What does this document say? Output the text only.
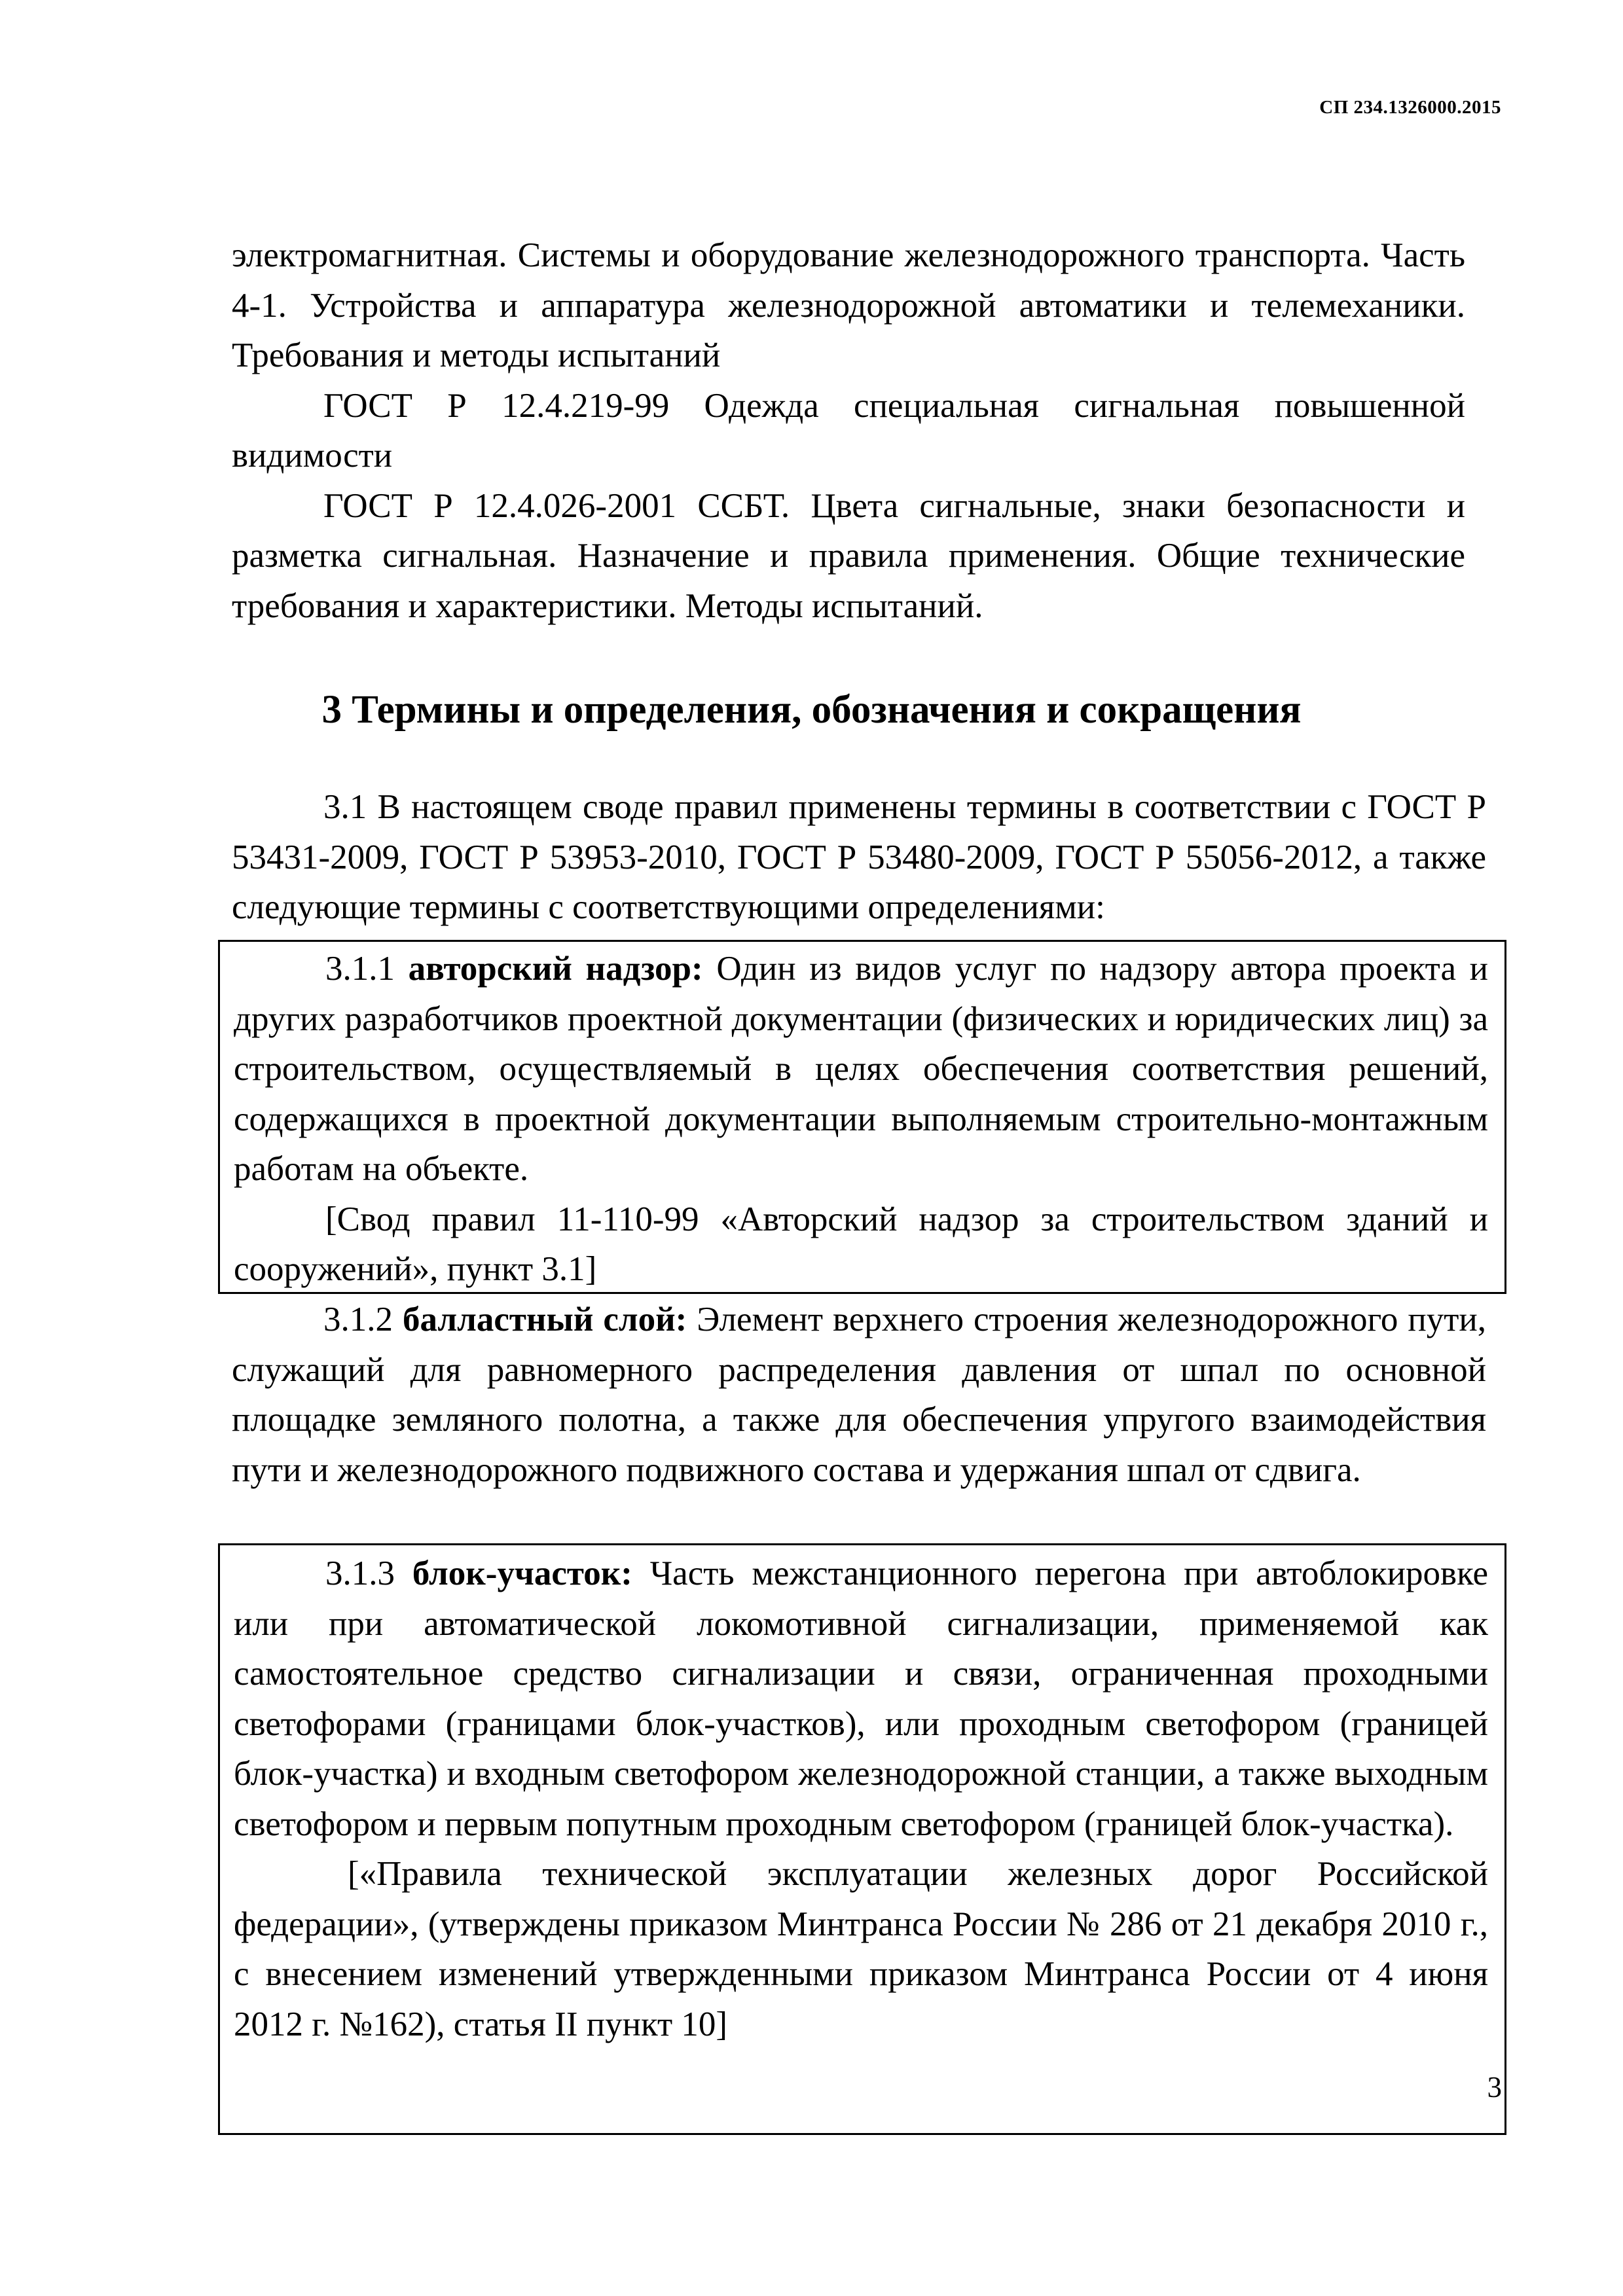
СП 234.1326000.2015

электромагнитная. Системы и оборудование железнодорожного транспорта. Часть 4-1. Устройства и аппаратура железнодорожной автоматики и телемеханики. Требования и методы испытаний

ГОСТ Р 12.4.219-99 Одежда специальная сигнальная повышенной видимости

ГОСТ Р 12.4.026-2001 ССБТ. Цвета сигнальные, знаки безопасности и разметка сигнальная. Назначение и правила применения. Общие технические требования и характеристики. Методы испытаний.

3 Термины и определения, обозначения и сокращения

3.1 В настоящем своде правил применены термины в соответствии с ГОСТ Р 53431-2009, ГОСТ Р 53953-2010, ГОСТ Р 53480-2009, ГОСТ Р 55056-2012, а также следующие термины с соответствующими определениями:

3.1.1 авторский надзор: Один из видов услуг по надзору автора проекта и других разработчиков проектной документации (физических и юридических лиц) за строительством, осуществляемый в целях обеспечения соответствия решений, содержащихся в проектной документации выполняемым строительно-монтажным работам на объекте.

[Свод правил 11-110-99 «Авторский надзор за строительством зданий и сооружений», пункт 3.1]

3.1.2 балластный слой: Элемент верхнего строения железнодорожного пути, служащий для равномерного распределения давления от шпал по основной площадке земляного полотна, а также для обеспечения упругого взаимодействия пути и железнодорожного подвижного состава и удержания шпал от сдвига.

3.1.3 блок-участок: Часть межстанционного перегона при автоблокировке или при автоматической локомотивной сигнализации, применяемой как самостоятельное средство сигнализации и связи, ограниченная проходными светофорами (границами блок-участков), или проходным светофором (границей блок-участка) и входным светофором железнодорожной станции, а также выходным светофором и первым попутным проходным светофором (границей блок-участка).

[«Правила технической эксплуатации железных дорог Российской федерации», (утверждены приказом Минтранса России № 286 от 21 декабря 2010 г., с внесением изменений утвержденными приказом Минтранса России от 4 июня 2012 г. №162), статья II пункт 10]

3
